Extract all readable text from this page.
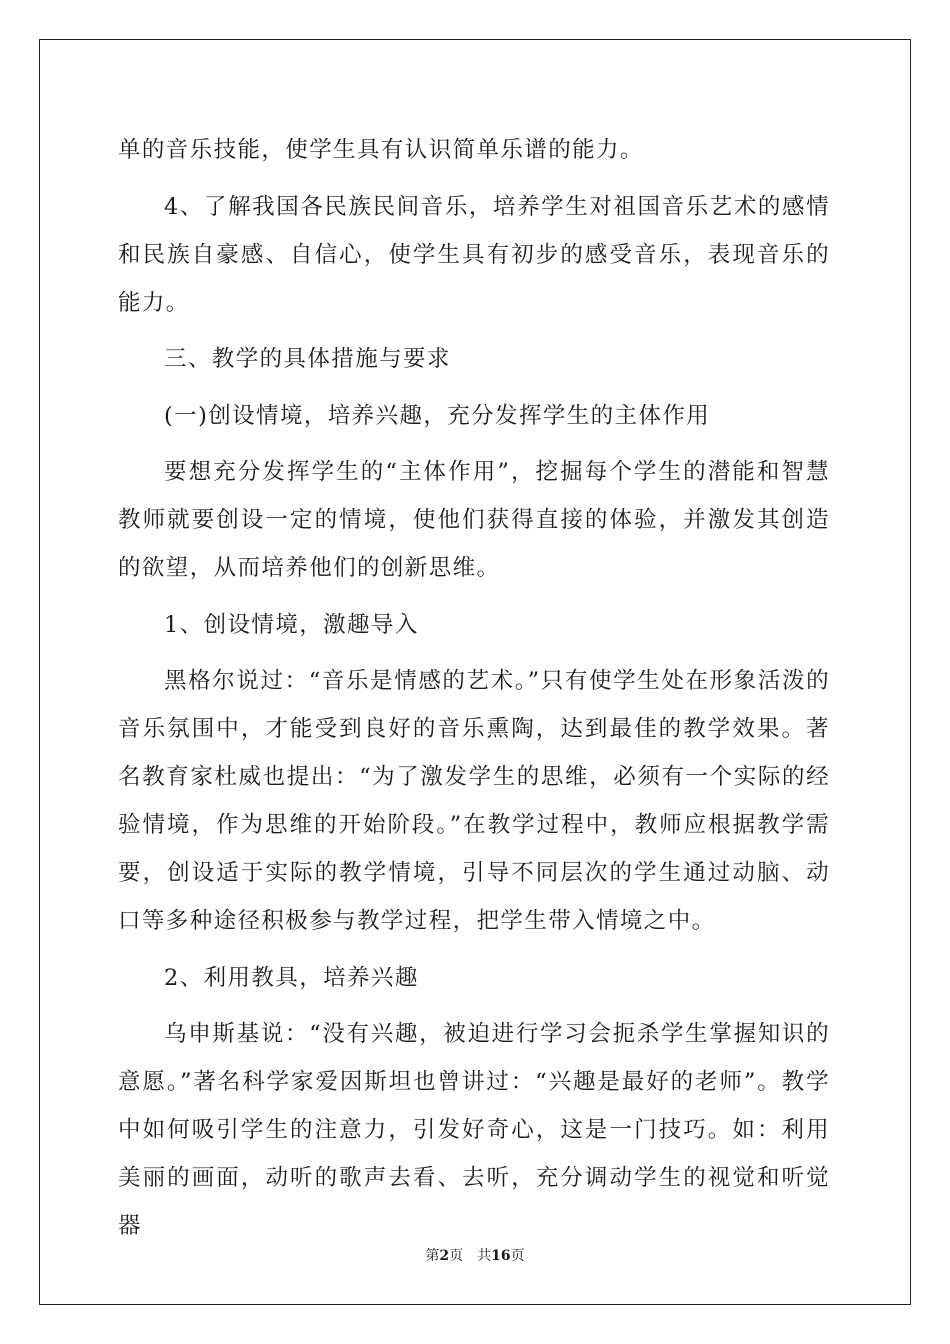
单的音乐技能，使学生具有认识简单乐谱的能力。

4、了解我国各民族民间音乐，培养学生对祖国音乐艺术的感情和民族自豪感、自信心，使学生具有初步的感受音乐，表现音乐的能力。

三、教学的具体措施与要求

(一)创设情境，培养兴趣，充分发挥学生的主体作用

要想充分发挥学生的“主体作用”，挖掘每个学生的潜能和智慧教师就要创设一定的情境，使他们获得直接的体验，并激发其创造的欲望，从而培养他们的创新思维。

1、创设情境，激趣导入

黑格尔说过：“音乐是情感的艺术。”只有使学生处在形象活泼的音乐氛围中，才能受到良好的音乐熏陶，达到最佳的教学效果。著名教育家杜威也提出：“为了激发学生的思维，必须有一个实际的经验情境，作为思维的开始阶段。”在教学过程中，教师应根据教学需要，创设适于实际的教学情境，引导不同层次的学生通过动脑、动口等多种途径积极参与教学过程，把学生带入情境之中。

2、利用教具，培养兴趣

乌申斯基说：“没有兴趣，被迫进行学习会扼杀学生掌握知识的意愿。”著名科学家爱因斯坦也曾讲过：“兴趣是最好的老师”。教学中如何吸引学生的注意力，引发好奇心，这是一门技巧。如：利用美丽的画面，动听的歌声去看、去听，充分调动学生的视觉和听觉器

第2页　共16页
